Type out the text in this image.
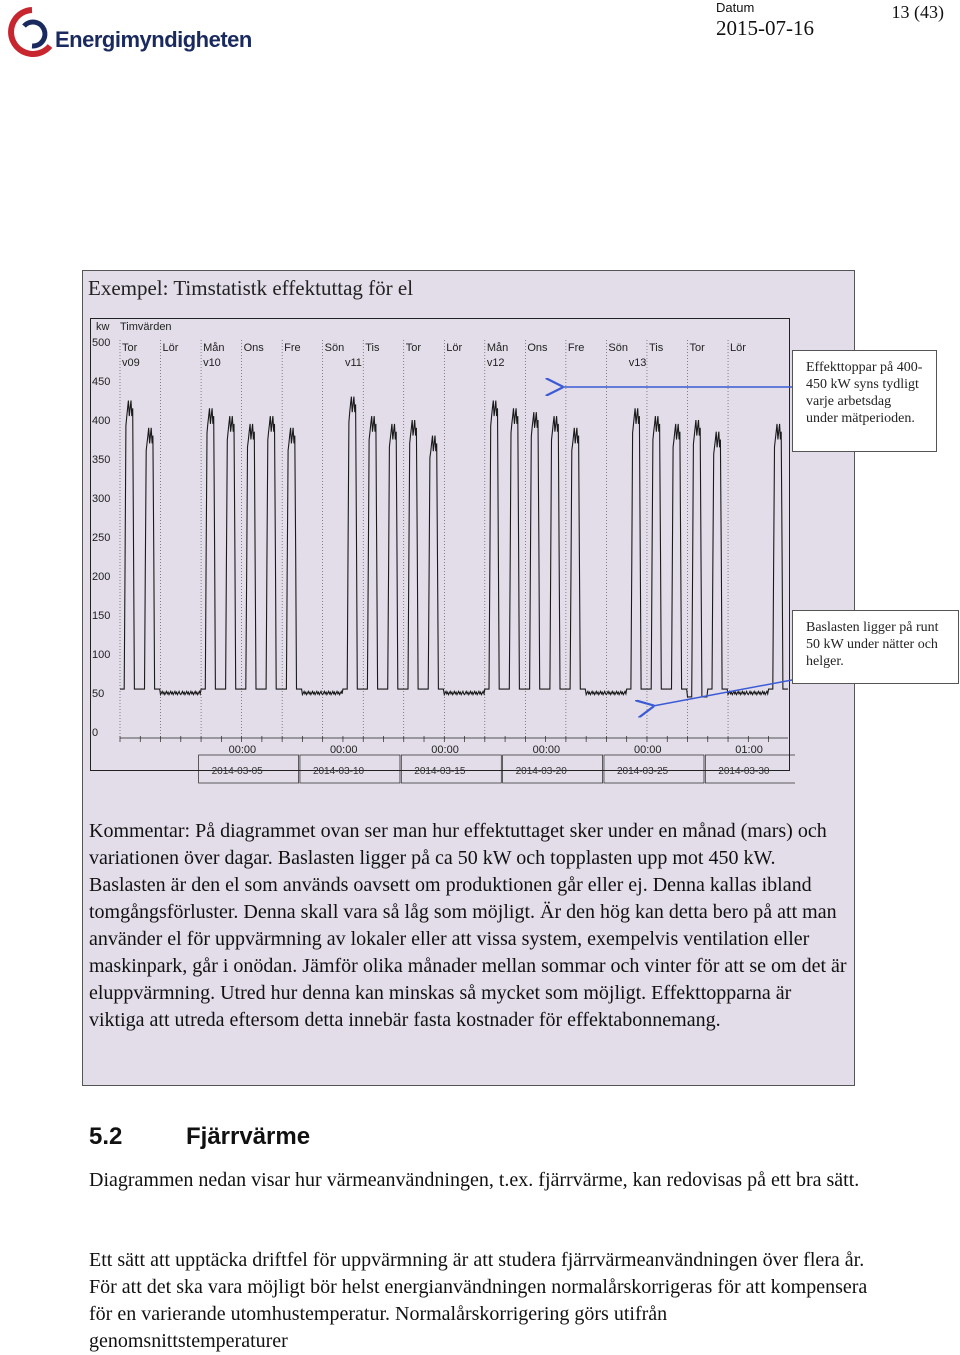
Energimyndigheten
Datum
2015-07-16
13 (43)
Exempel: Timstatistk effektuttag för el
kw Timvärden
0
50
100
150
200
250
300
350
400
450
500 Tor Lör Mån Ons Fre Sön Tis Tor Lör Mån Ons Fre Sön Tis Tor Lör
v09	v10	v11	v12	v13
00:00
2014-03-05
00:00
2014-03-10
00:00
2014-03-15
00:00
2014-03-20
00:00
2014-03-25
01:00
2014-03-30
Effekttoppar på 400-450 kW syns tydligt varje arbetsdag under mätperioden.
Baslasten ligger på runt 50 kW under nätter och helger.
Kommentar: På diagrammet ovan ser man hur effektuttaget sker under en månad (mars) och variationen över dagar. Baslasten ligger på ca 50 kW och topplasten upp mot 450 kW. Baslasten är den el som används oavsett om produktionen går eller ej. Denna kallas ibland tomgångsförluster. Denna skall vara så låg som möjligt. Är den hög kan detta bero på att man använder el för uppvärmning av lokaler eller att vissa system, exempelvis ventilation eller maskinpark, går i onödan. Jämför olika månader mellan sommar och vinter för att se om det är eluppvärmning. Utred hur denna kan minskas så mycket som möjligt. Effekttopparna är viktiga att utreda eftersom detta innebär fasta kostnader för effektabonnemang.
5.2	Fjärrvärme
Diagrammen nedan visar hur värmeanvändningen, t.ex. fjärrvärme, kan redovisas på ett bra sätt.
Ett sätt att upptäcka driftfel för uppvärmning är att studera fjärrvärmeanvändningen över flera år. För att det ska vara möjligt bör helst energianvändningen normalårskorrigeras för att kompensera för en varierande utomhustemperatur. Normalårskorrigering görs utifrån genomsnittstemperaturer
